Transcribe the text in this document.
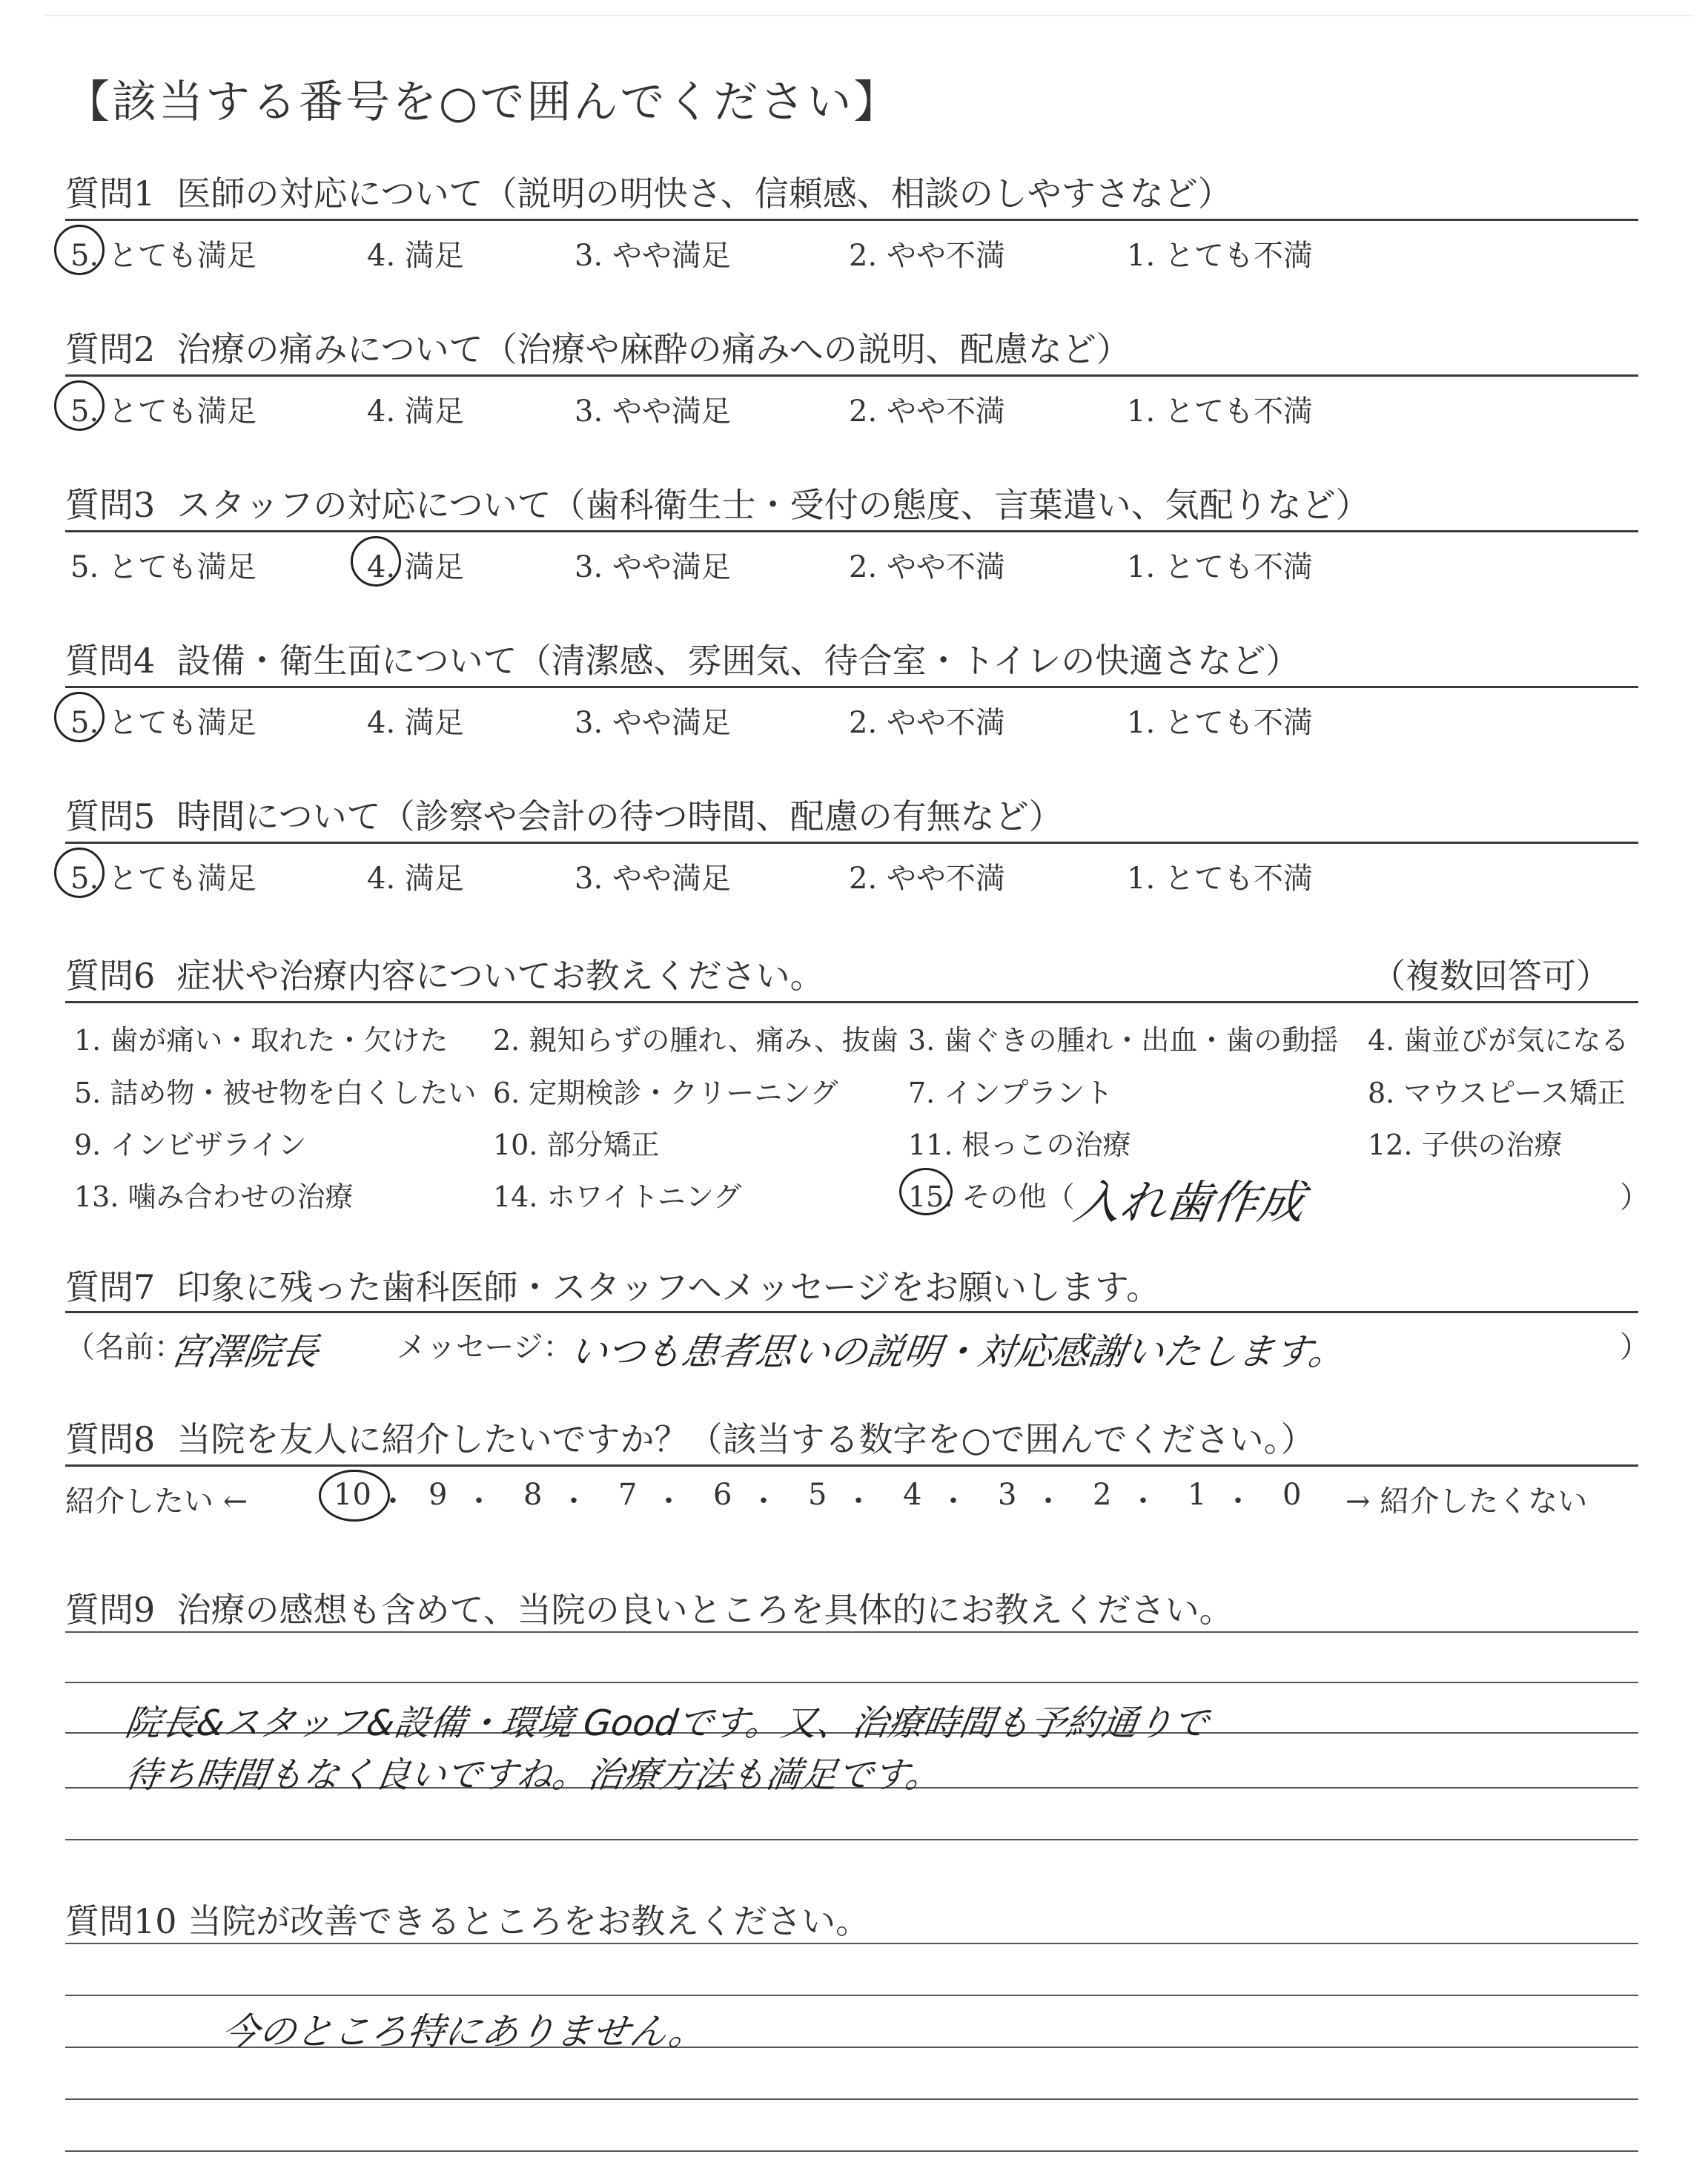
【該当する番号を○で囲んでください】
質問1 医師の対応について（説明の明快さ、信頼感、相談のしやすさなど）
5. とても満足	4. 満足	3. やや満足	2. やや不満	1. とても不満
質問2 治療の痛みについて（治療や麻酔の痛みへの説明、配慮など）
5. とても満足	4. 満足	3. やや満足	2. やや不満	1. とても不満
質問3 スタッフの対応について（歯科衛生士・受付の態度、言葉遣い、気配りなど）
5. とても満足	4. 満足	3. やや満足	2. やや不満	1. とても不満
質問4 設備・衛生面について（清潔感、雰囲気、待合室・トイレの快適さなど）
5. とても満足	4. 満足	3. やや満足	2. やや不満	1. とても不満
質問5 時間について（診察や会計の待つ時間、配慮の有無など）
5. とても満足	4. 満足	3. やや満足	2. やや不満	1. とても不満
質問6 症状や治療内容についてお教えください。	（複数回答可）
1. 歯が痛い・取れた・欠けた 2. 親知らずの腫れ、痛み、抜歯 3. 歯ぐきの腫れ・出血・歯の動揺 4. 歯並びが気になる
5. 詰め物・被せ物を白くしたい 6. 定期検診・クリーニング 7. インプラント	8. マウスピース矯正
9. インビザライン	10. 部分矯正	11. 根っこの治療	12. 子供の治療
13. 噛み合わせの治療	14. ホワイトニング	15. その他（	）
入れ歯作成
質問7 印象に残った歯科医師・スタッフへメッセージをお願いします。
（名前：
宮澤院長	メッセージ：
いつも患者思いの説明・対応感謝いたします。	）
質問8 当院を友人に紹介したいですか？（該当する数字を○で囲んでください。）
紹介したい ←	→ 紹介したくない
10 ・ 9 ・ 8 ・ 7 ・ 6 ・ 5 ・ 4 ・ 3 ・ 2 ・ 1 ・ 0
質問9 治療の感想も含めて、当院の良いところを具体的にお教えください。
院長&スタッフ&設備・環境 Goodです。又、治療時間も予約通りで
待ち時間もなく良いですね。治療方法も満足です。
質問10 当院が改善できるところをお教えください。
今のところ特にありません。
